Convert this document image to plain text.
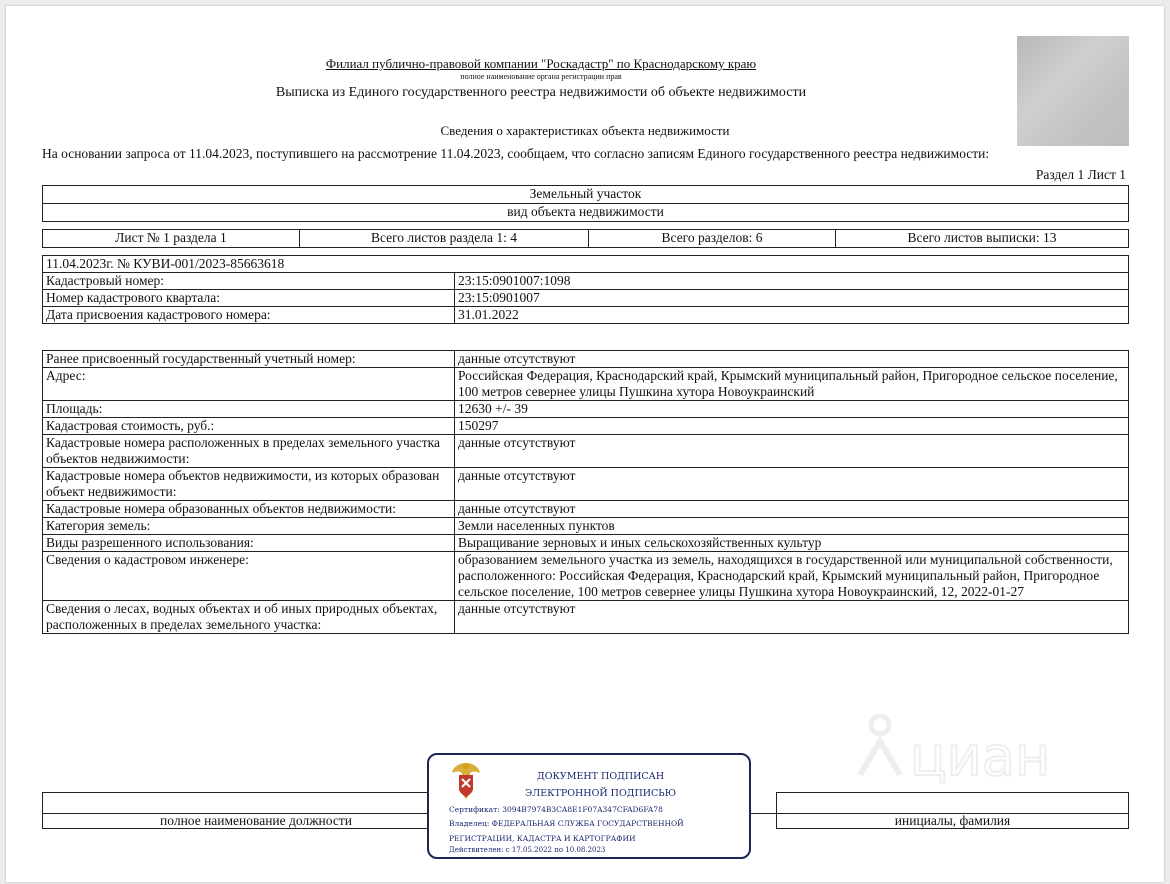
Филиал публично-правовой компании "Роскадастр" по Краснодарскому краю
полное наименование органа регистрации прав
Выписка из Единого государственного реестра недвижимости об объекте недвижимости
Сведения о характеристиках объекта недвижимости
На основании запроса от 11.04.2023, поступившего на рассмотрение 11.04.2023, сообщаем, что согласно записям Единого государственного реестра недвижимости:
Раздел 1 Лист 1
Земельный участок
вид объекта недвижимости
Лист № 1 раздела 1	Всего листов раздела 1: 4	Всего разделов: 6	Всего листов выписки: 13
11.04.2023г. № КУВИ-001/2023-85663618	
Кадастровый номер:	23:15:0901007:1098
Номер кадастрового квартала:	23:15:0901007
Дата присвоения кадастрового номера:	31.01.2022
Ранее присвоенный государственный учетный номер:	данные отсутствуют
Адрес:	Российская Федерация, Краснодарский край, Крымский муниципальный район, Пригородное сельское поселение, 100 метров севернее улицы Пушкина хутора Новоукраинский
Площадь:	12630 +/- 39
Кадастровая стоимость, руб.:	150297
Кадастровые номера расположенных в пределах земельного участка объектов недвижимости:	данные отсутствуют
Кадастровые номера объектов недвижимости, из которых образован объект недвижимости:	данные отсутствуют
Кадастровые номера образованных объектов недвижимости:	данные отсутствуют
Категория земель:	Земли населенных пунктов
Виды разрешенного использования:	Выращивание зерновых и иных сельскохозяйственных культур
Сведения о кадастровом инженере:	образованием земельного участка из земель, находящихся в государственной или муниципальной собственности, расположенного: Российская Федерация, Краснодарский край, Крымский муниципальный район, Пригородное сельское поселение, 100 метров севернее улицы Пушкина хутора Новоукраинский, 12, 2022-01-27
Сведения о лесах, водных объектах и об иных природных объектах, расположенных в пределах земельного участка:	данные отсутствуют
циан

полное наименование должности		инициалы, фамилия
ДОКУМЕНТ ПОДПИСАН
ЭЛЕКТРОННОЙ ПОДПИСЬЮ
Сертификат: 3094B7974B3CA8E1F07A347CFAD6FA78
Владелец: ФЕДЕРАЛЬНАЯ СЛУЖБА ГОСУДАРСТВЕННОЙ
РЕГИСТРАЦИИ, КАДАСТРА И КАРТОГРАФИИ
Действителен: с 17.05.2022 по 10.08.2023
